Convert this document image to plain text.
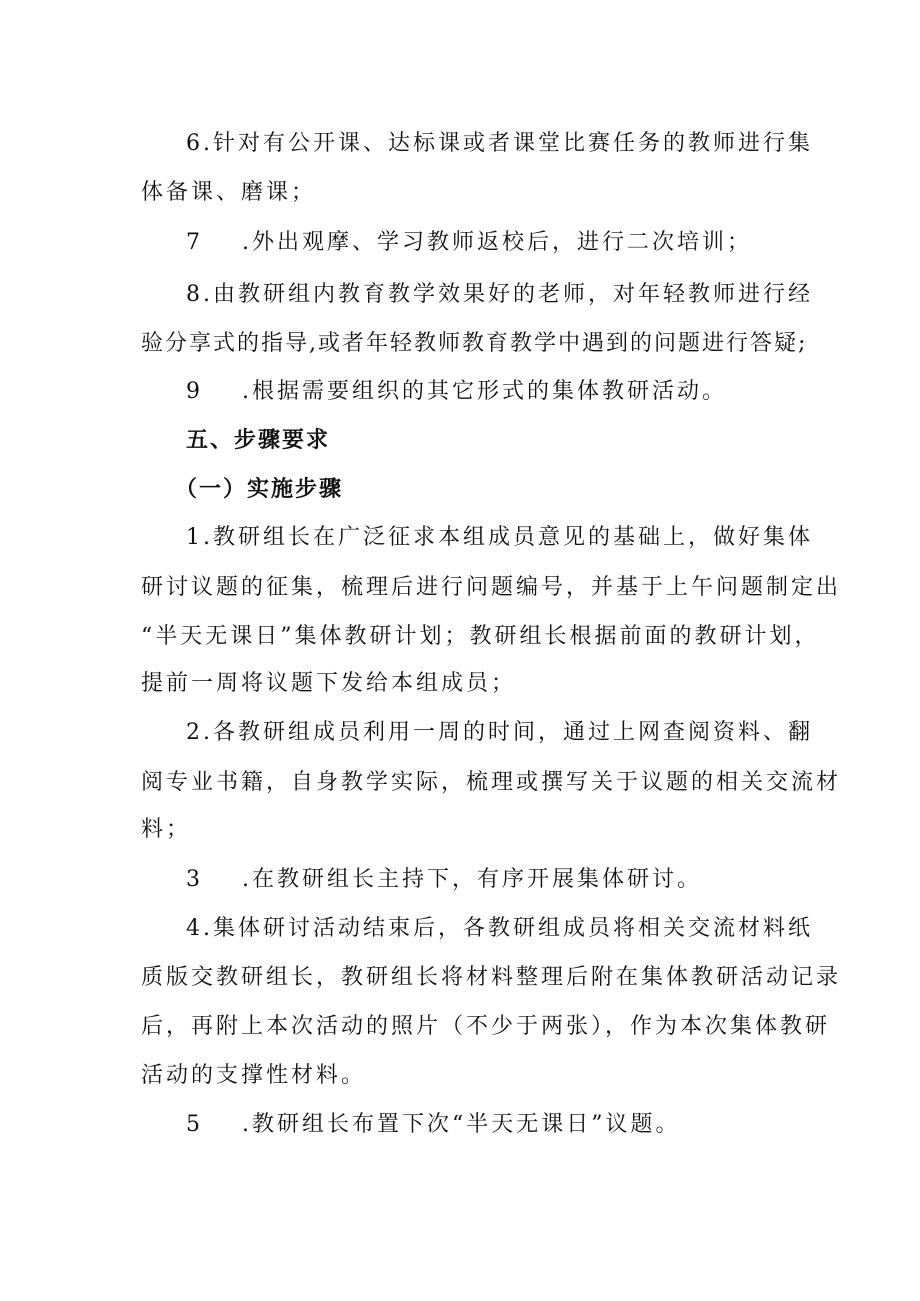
6.针对有公开课、达标课或者课堂比赛任务的教师进行集
体备课、磨课；
7 .外出观摩、学习教师返校后，进行二次培训；
8.由教研组内教育教学效果好的老师，对年轻教师进行经
验分享式的指导,或者年轻教师教育教学中遇到的问题进行答疑;
9 .根据需要组织的其它形式的集体教研活动。
五、步骤要求
（一）实施步骤
1.教研组长在广泛征求本组成员意见的基础上，做好集体
研讨议题的征集，梳理后进行问题编号，并基于上午问题制定出
“半天无课日”集体教研计划；教研组长根据前面的教研计划，
提前一周将议题下发给本组成员；
2.各教研组成员利用一周的时间，通过上网查阅资料、翻
阅专业书籍，自身教学实际，梳理或撰写关于议题的相关交流材
料；
3 .在教研组长主持下，有序开展集体研讨。
4.集体研讨活动结束后，各教研组成员将相关交流材料纸
质版交教研组长，教研组长将材料整理后附在集体教研活动记录
后，再附上本次活动的照片（不少于两张），作为本次集体教研
活动的支撑性材料。
5 .教研组长布置下次“半天无课日”议题。
